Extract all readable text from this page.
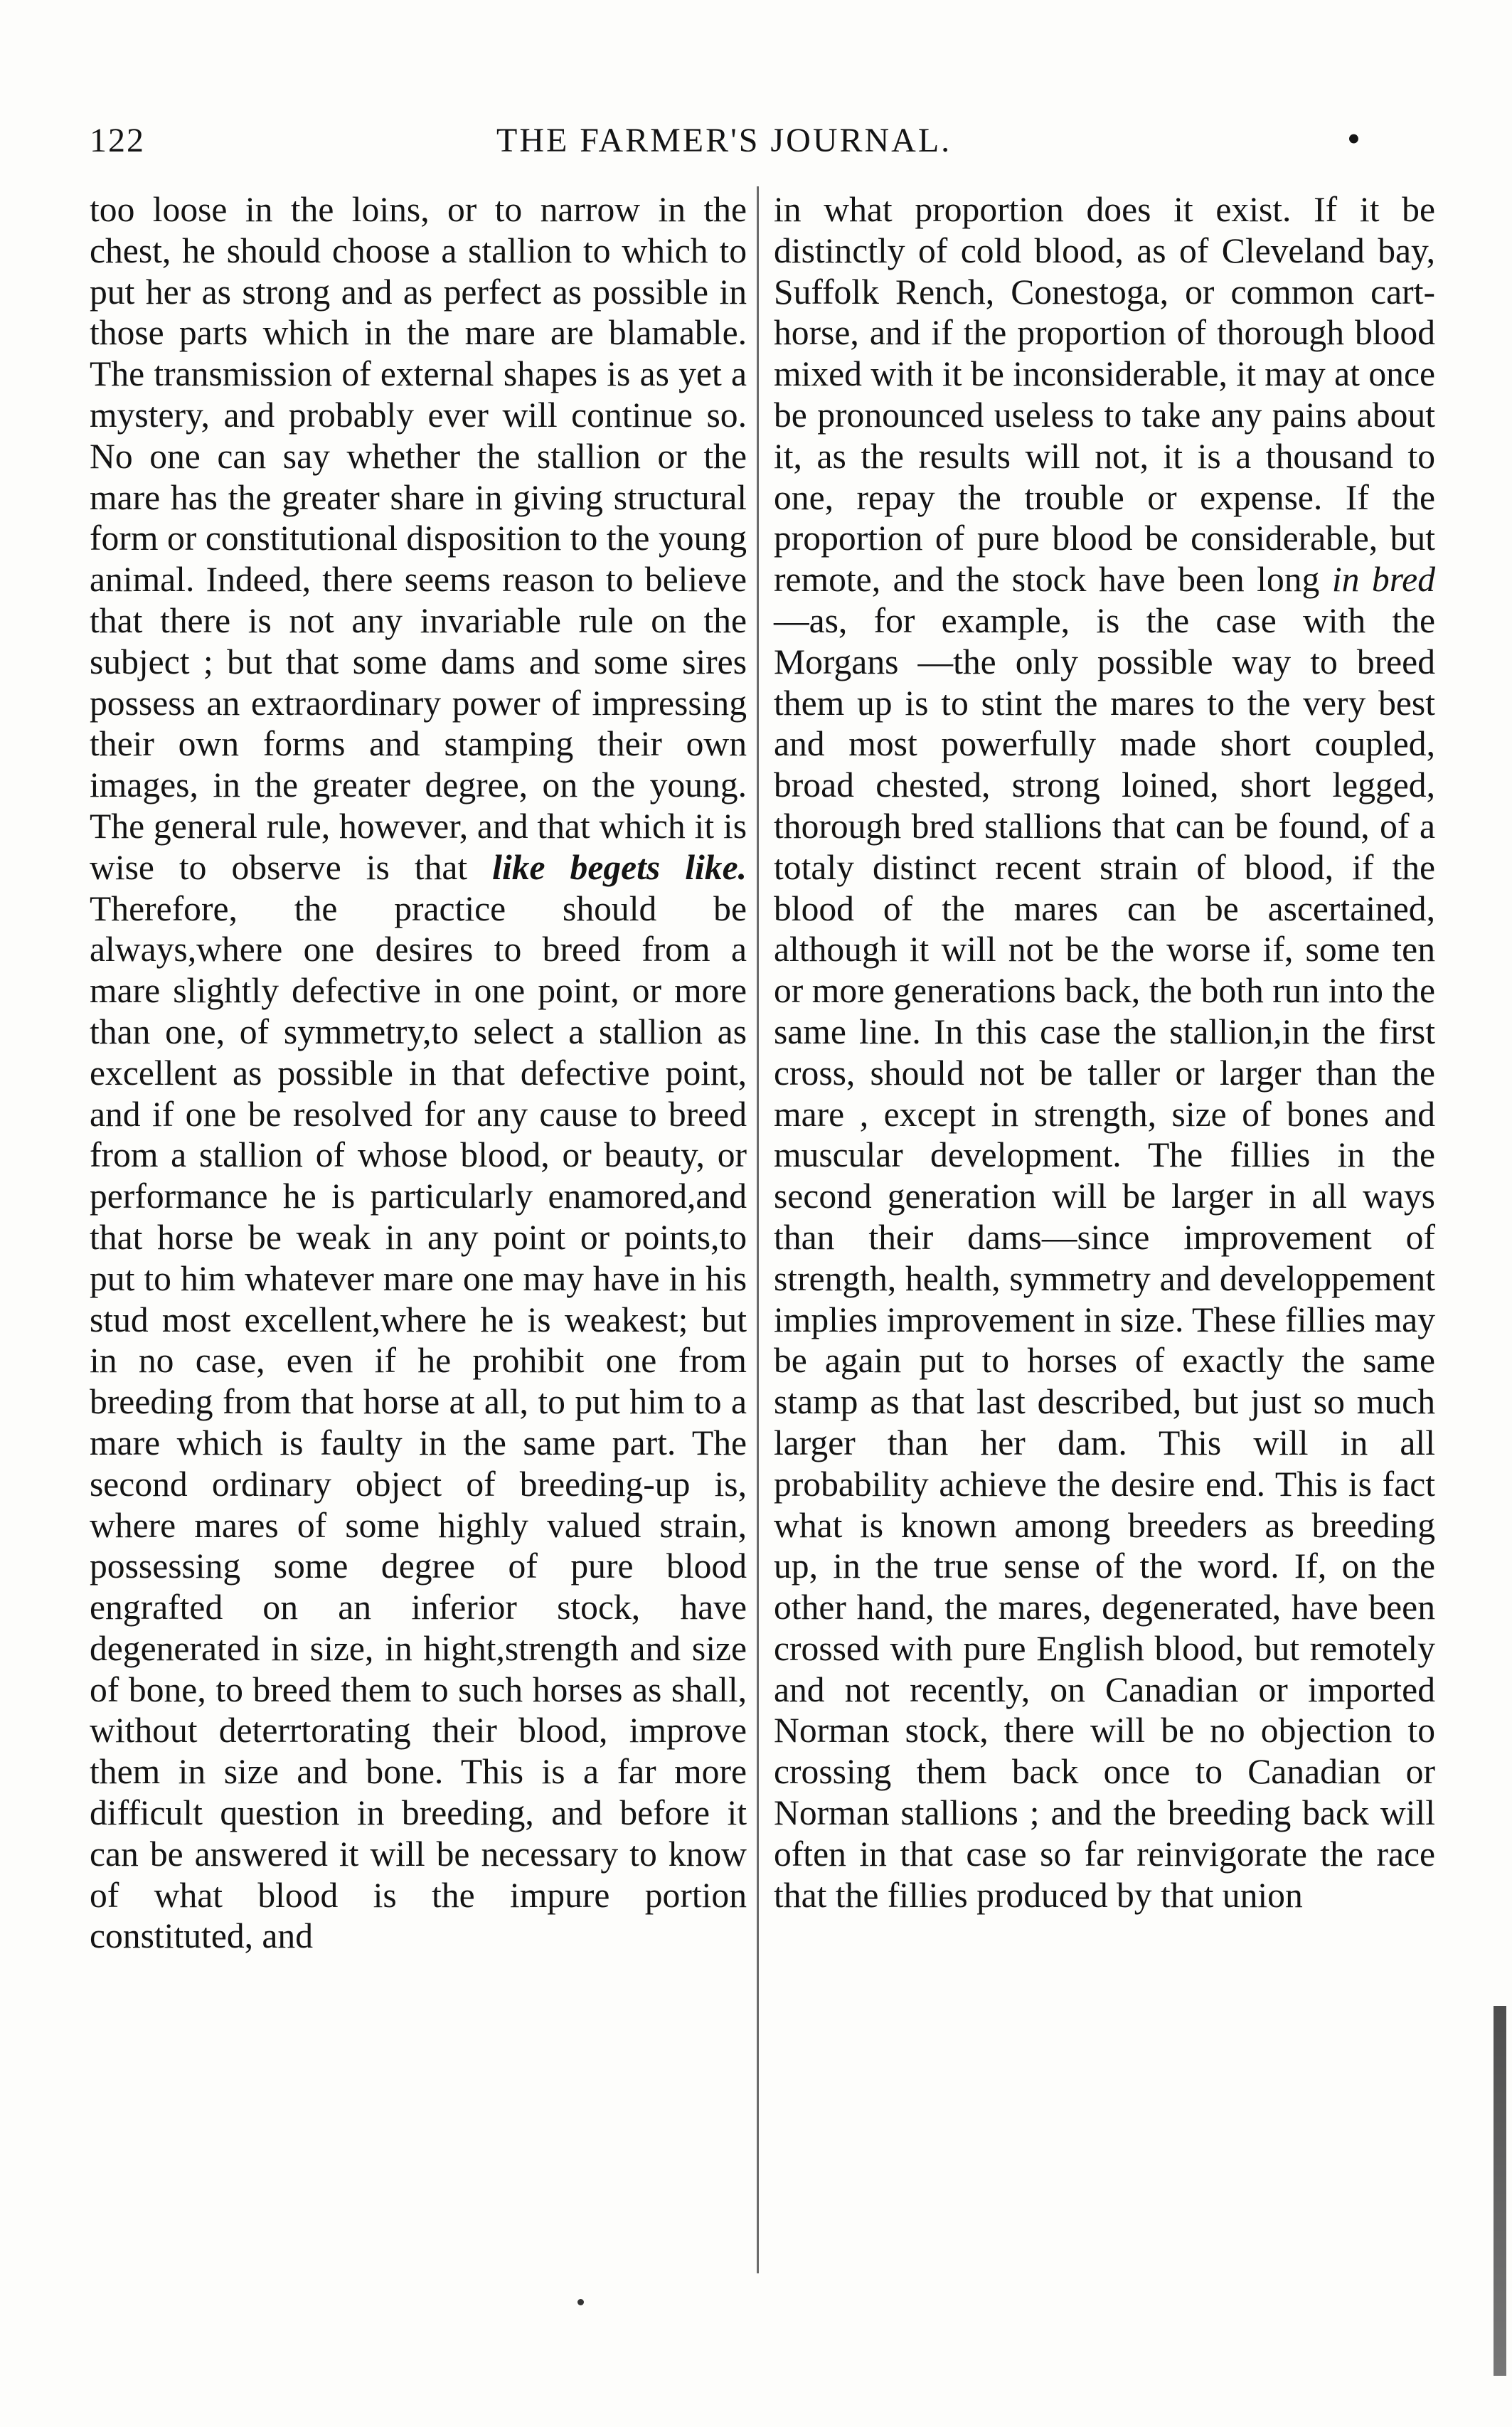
122	THE FARMER'S JOURNAL.	•

too loose in the loins, or to narrow in the chest, he should choose a stallion to which to put her as strong and as perfect as possible in those parts which in the mare are blamable. The transmission of external shapes is as yet a mystery, and probably ever will continue so. No one can say whether the stallion or the mare has the greater share in giving structural form or constitutional disposition to the young animal. Indeed, there seems reason to believe that there is not any invariable rule on the subject ; but that some dams and some sires possess an extraordinary power of impressing their own forms and stamping their own images, in the greater degree, on the young. The general rule, however, and that which it is wise to observe is that like begets like. Therefore, the practice should be always,where one desires to breed from a mare slightly defective in one point, or more than one, of symmetry,to select a stallion as excellent as possible in that defective point, and if one be resolved for any cause to breed from a stallion of whose blood, or beauty, or performance he is particularly enamored,and that horse be weak in any point or points,to put to him whatever mare one may have in his stud most excellent,where he is weakest; but in no case, even if he prohibit one from breeding from that horse at all, to put him to a mare which is faulty in the same part. The second ordinary object of breeding-up is, where mares of some highly valued strain, possessing some degree of pure blood engrafted on an inferior stock, have degenerated in size, in hight,strength and size of bone, to breed them to such horses as shall, without deterrtorating their blood, improve them in size and bone. This is a far more difficult question in breeding, and before it can be answered it will be necessary to know of what blood is the impure portion constituted, and

in what proportion does it exist. If it be distinctly of cold blood, as of Cleveland bay, Suffolk Rench, Conestoga, or common cart-horse, and if the proportion of thorough blood mixed with it be inconsiderable, it may at once be pronounced useless to take any pains about it, as the results will not, it is a thousand to one, repay the trouble or expense. If the proportion of pure blood be considerable, but remote, and the stock have been long in bred—as, for example, is the case with the Morgans —the only possible way to breed them up is to stint the mares to the very best and most powerfully made short coupled, broad chested, strong loined, short legged, thorough bred stallions that can be found, of a totaly distinct recent strain of blood, if the blood of the mares can be ascertained, although it will not be the worse if, some ten or more generations back, the both run into the same line. In this case the stallion,in the first cross, should not be taller or larger than the mare , except in strength, size of bones and muscular development. The fillies in the second generation will be larger in all ways than their dams—since improvement of strength, health, symmetry and developpement implies improvement in size. These fillies may be again put to horses of exactly the same stamp as that last described, but just so much larger than her dam. This will in all probability achieve the desire end. This is fact what is known among breeders as breeding up, in the true sense of the word. If, on the other hand, the mares, degenerated, have been crossed with pure English blood, but remotely and not recently, on Canadian or imported Norman stock, there will be no objection to crossing them back once to Canadian or Norman stallions ; and the breeding back will often in that case so far reinvigorate the race that the fillies produced by that union
